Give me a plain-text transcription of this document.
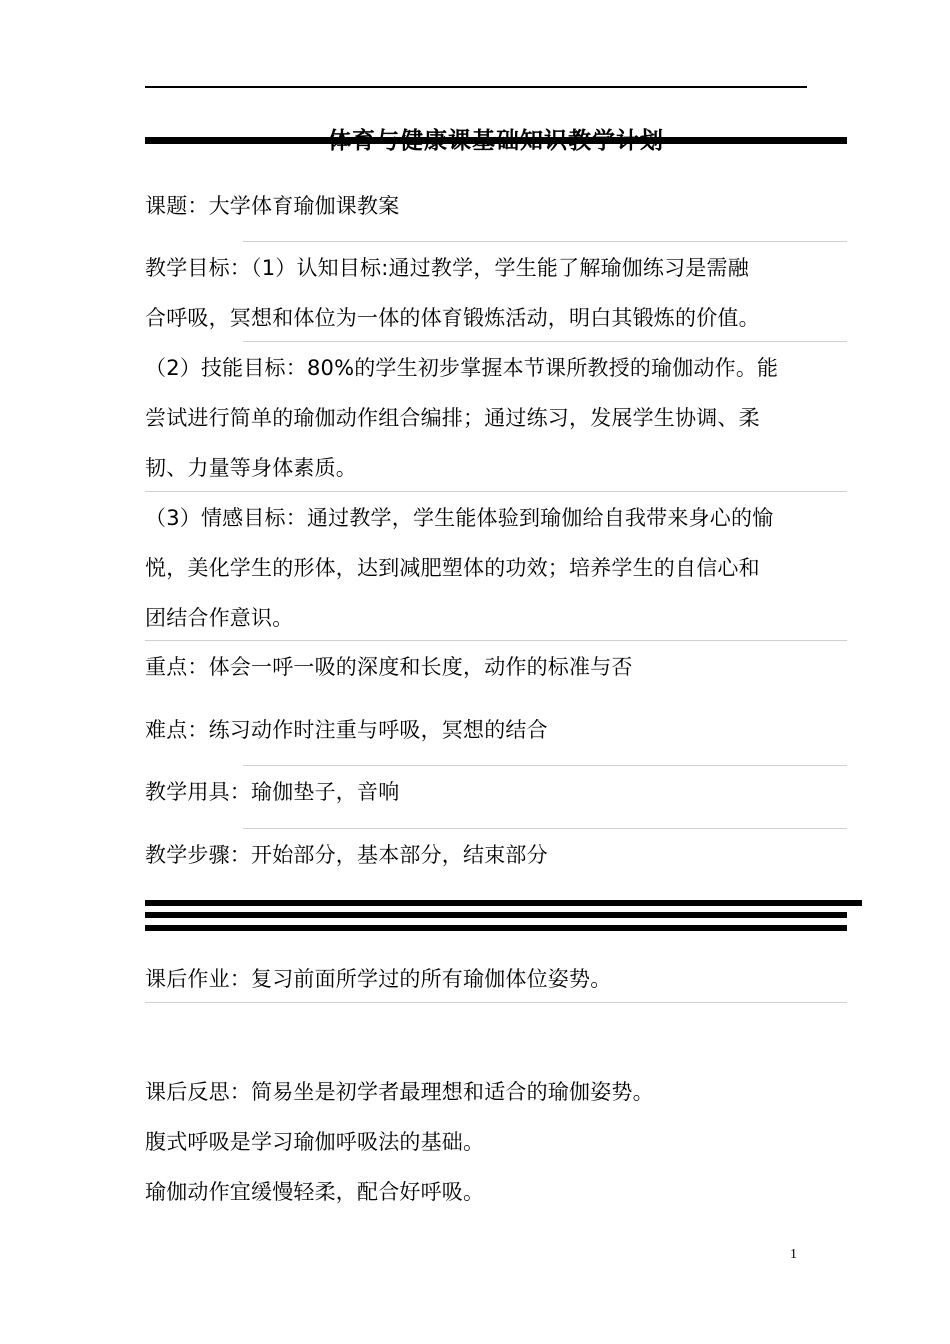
体育与健康课基础知识教学计划
课题：大学体育瑜伽课教案
教学目标：（1）认知目标:通过教学，学生能了解瑜伽练习是需融
合呼吸，冥想和体位为一体的体育锻炼活动，明白其锻炼的价值。
（2）技能目标：80%的学生初步掌握本节课所教授的瑜伽动作。能
尝试进行简单的瑜伽动作组合编排；通过练习，发展学生协调、柔
韧、力量等身体素质。
（3）情感目标：通过教学，学生能体验到瑜伽给自我带来身心的愉
悦，美化学生的形体，达到减肥塑体的功效；培养学生的自信心和
团结合作意识。
重点：体会一呼一吸的深度和长度，动作的标准与否
难点：练习动作时注重与呼吸，冥想的结合
教学用具：瑜伽垫子，音响
教学步骤：开始部分，基本部分，结束部分
课后作业：复习前面所学过的所有瑜伽体位姿势。
课后反思：简易坐是初学者最理想和适合的瑜伽姿势。
腹式呼吸是学习瑜伽呼吸法的基础。
瑜伽动作宜缓慢轻柔，配合好呼吸。
1
